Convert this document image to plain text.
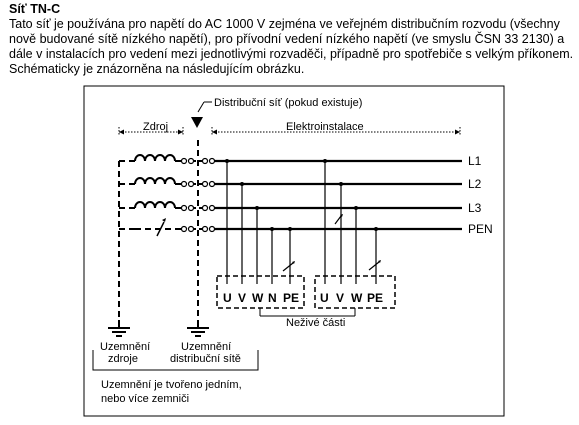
Síť TN-C

Tato síť je používána pro napětí do AC 1000 V zejména ve veřejném distribučním rozvodu (všechny nově budované sítě nízkého napětí), pro přívodní vedení nízkého napětí (ve smyslu ČSN 33 2130) a dále v instalacích pro vedení mezi jednotlivými rozvaděči, případně pro spotřebiče s velkým příkonem. Schématicky je znázorněna na následujícím obrázku.

Distribuční síť (pokud existuje)
Zdroj	Elektroinstalace
L1
L2
L3
PEN
U V W N PE U V W PE
Neživé části
Uzemnění
zdroje
Uzemnění
distribuční sítě
Uzemnění je tvořeno jedním,
nebo více zemniči
